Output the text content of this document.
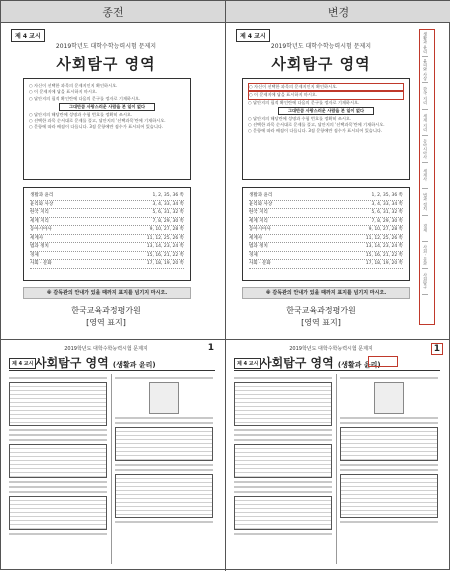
종전	변경
제 4 교시
2019학년도 대학수학능력시험 문제지
사회탐구 영역
○ 자신이 선택한 과목의 문제지인지 확인하시오.
○ 이 문제지에 답을 표시하지 마시오.
○ 답안지의 필적 확인란에 다음의 문구를 정자로 기재하시오.
그대만큼 사랑스러운 사람을 본 일이 없다
○ 답안지의 해당란에 성명과 수험 번호를 정확히 쓰시오.
○ 선택한 과목 순서대로 문제를 풀고, 답안지의 '선택과목'란에 기재하시오.
○ 문항에 따라 배점이 다릅니다. 3점 문항에만 점수가 표시되어 있습니다.
생활과 윤리	1, 2, 35, 36 쪽
윤리와 사상	3, 4, 33, 34 쪽
한국 지리	5, 6, 31, 32 쪽
세계 지리	7, 8, 29, 30 쪽
동아시아사	9, 10, 27, 28 쪽
세계사	11, 12, 25, 26 쪽
법과 정치	13, 14, 23, 24 쪽
경제	15, 16, 21, 22 쪽
사회 · 문화	17, 18, 19, 20 쪽
※ 감독관의 안내가 있을 때까지 표지를 넘기지 마시오.
한국교육과정평가원
[영역 표지]
제 4 교시
2019학년도 대학수학능력시험 문제지
사회탐구 영역
○ 자신이 선택한 과목의 문제지인지 확인하시오.
○ 이 문제지에 답을 표시하지 마시오.
○ 답안지의 필적 확인란에 다음의 문구를 정자로 기재하시오.
그대만큼 사랑스러운 사람을 본 일이 없다
○ 답안지의 해당란에 성명과 수험 번호를 정확히 쓰시오.
○ 선택한 과목 순서대로 문제를 풀고, 답안지의 '선택과목'란에 기재하시오.
○ 문항에 따라 배점이 다릅니다. 3점 문항에만 점수가 표시되어 있습니다.
생활과 윤리	1, 2, 35, 36 쪽
윤리와 사상	3, 4, 33, 34 쪽
한국 지리	5, 6, 31, 32 쪽
세계 지리	7, 8, 29, 30 쪽
동아시아사	9, 10, 27, 28 쪽
세계사	11, 12, 25, 26 쪽
법과 정치	13, 14, 23, 24 쪽
경제	15, 16, 21, 22 쪽
사회 · 문화	17, 18, 19, 20 쪽
※ 감독관의 안내가 있을 때까지 표지를 넘기지 마시오.
한국교육과정평가원
[영역 표지]
생활과 윤리
윤리와 사상
한국 지리
세계 지리
동아시아사
세계사
법과 정치
경제
사회 · 문화
사회탐구
2019학년도 대학수학능력시험 문제지	1
제 4 교시 사회탐구 영역 (생활과 윤리)
2019학년도 대학수학능력시험 문제지	1
제 4 교시 사회탐구 영역 (생활과 윤리)
